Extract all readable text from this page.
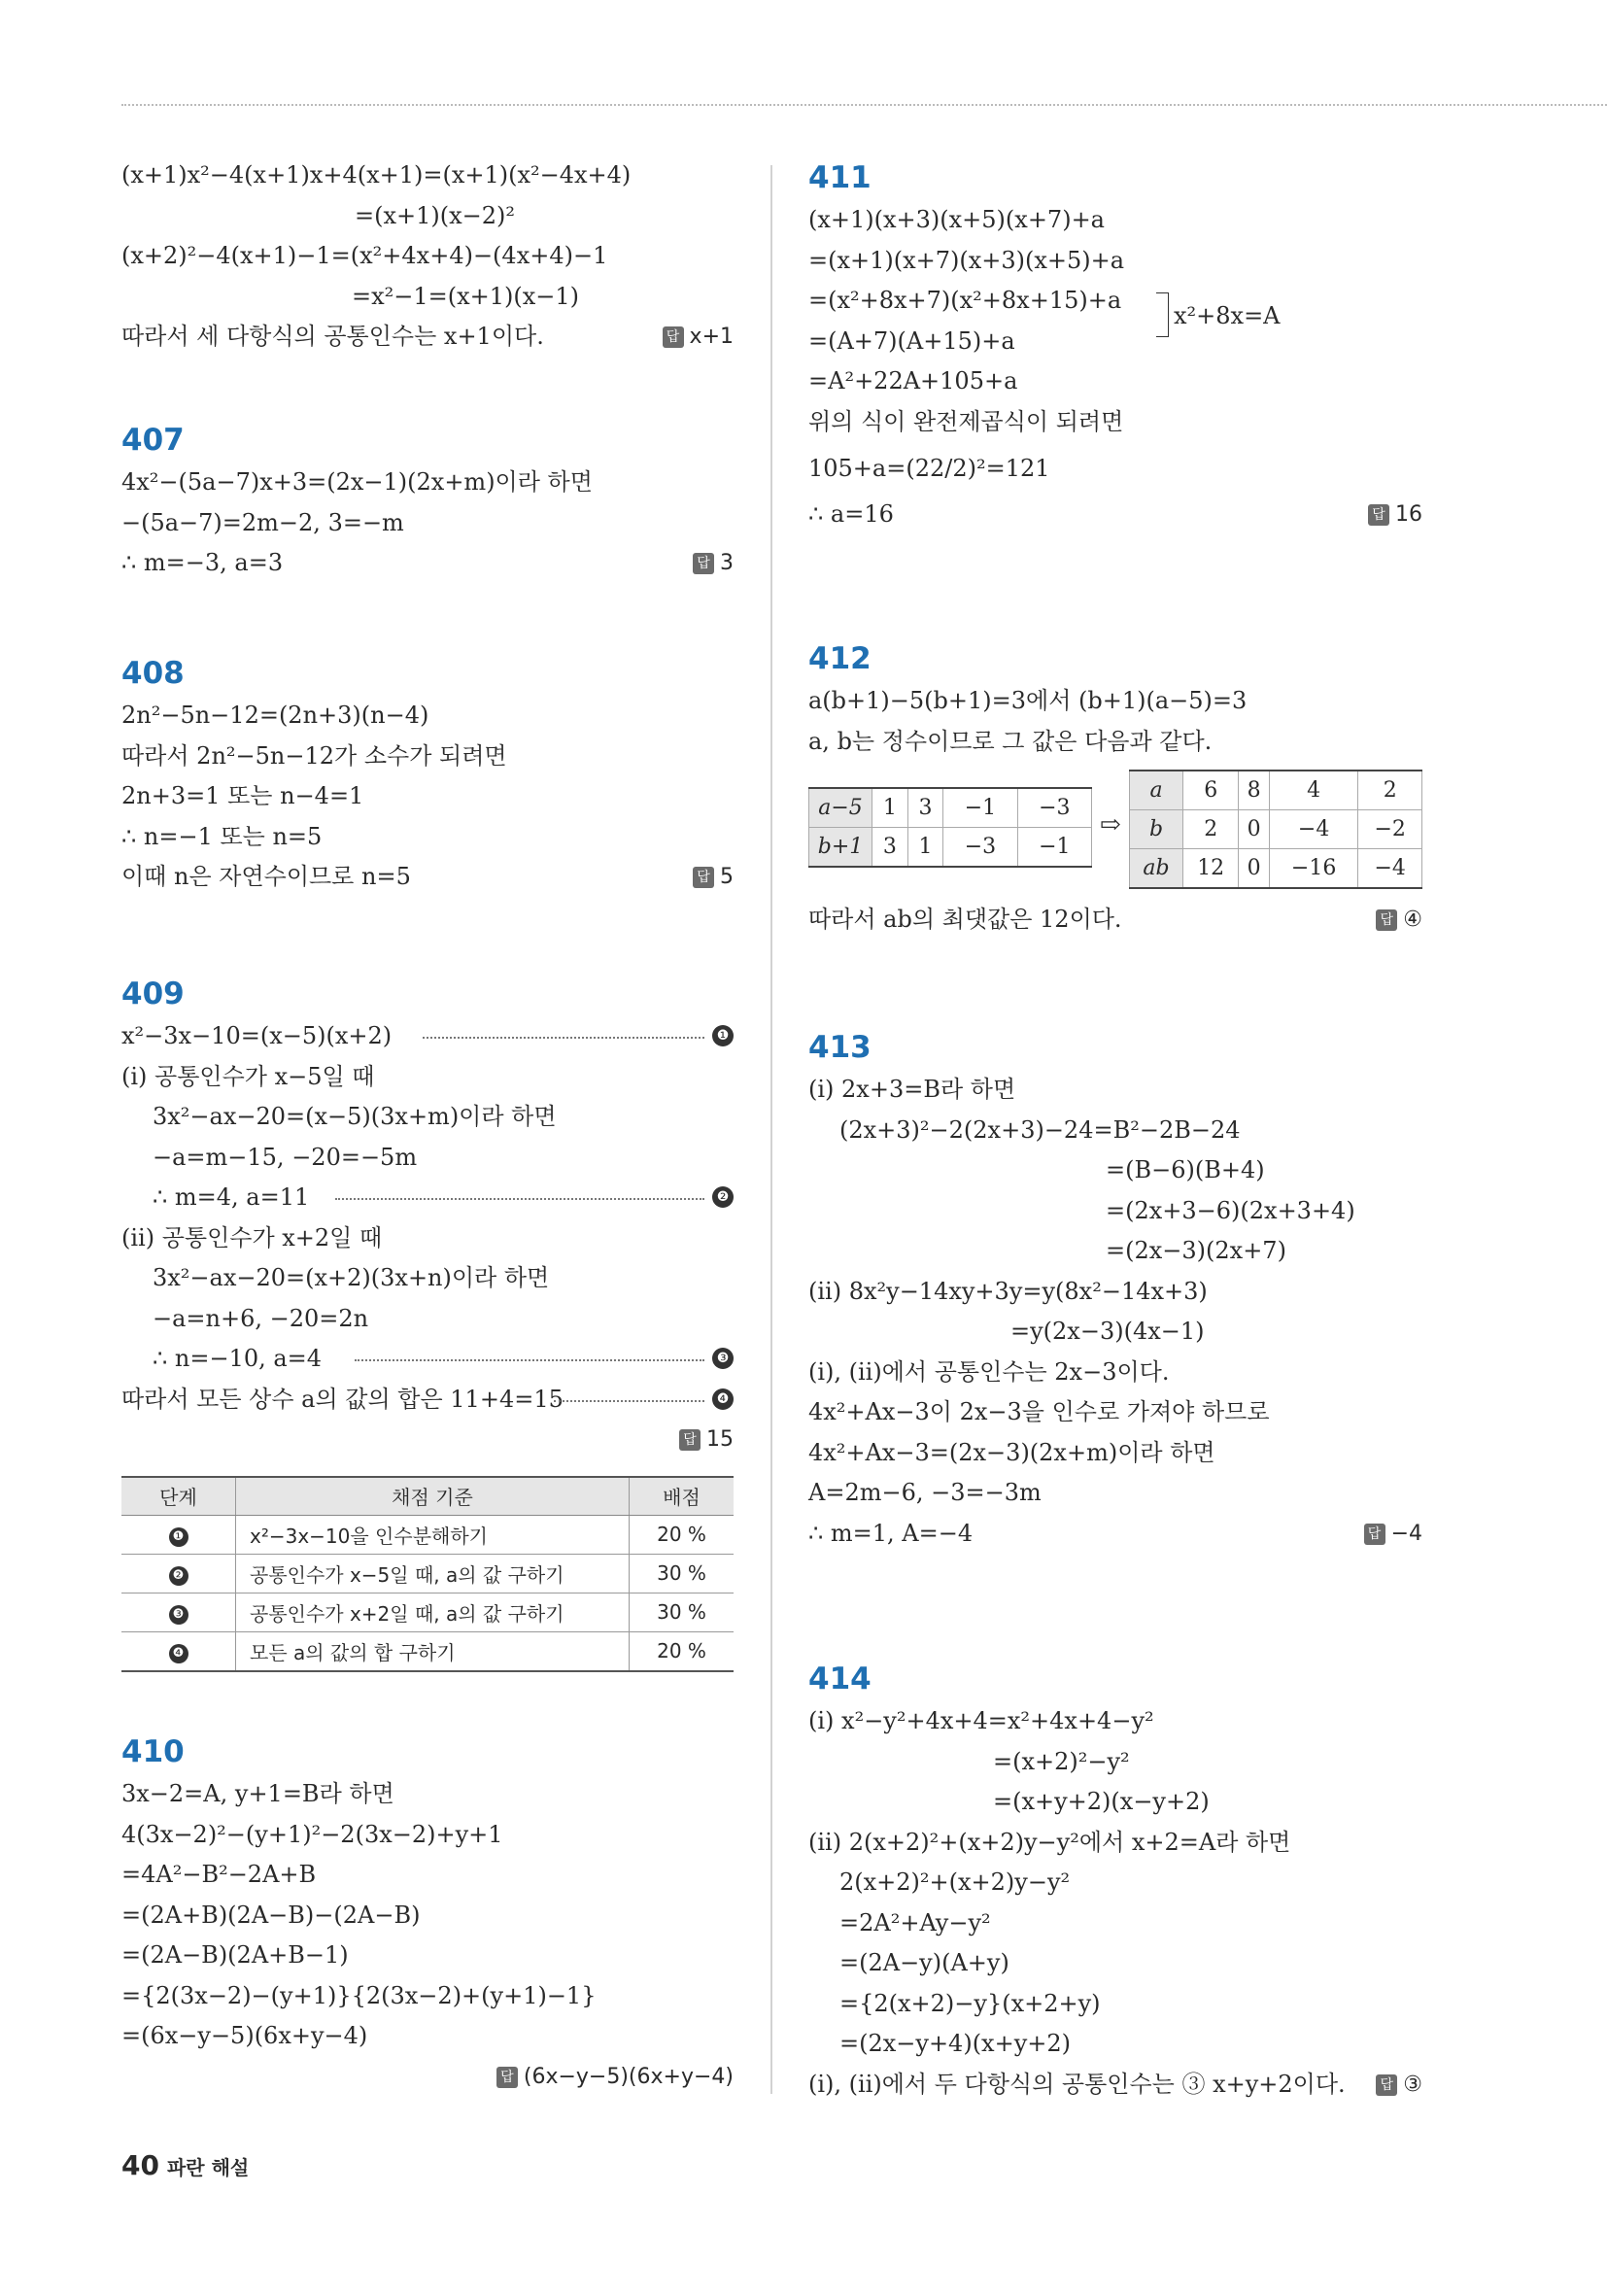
(x+1)x²−4(x+1)x+4(x+1)=(x+1)(x²−4x+4)
=(x+1)(x−2)²
(x+2)²−4(x+1)−1=(x²+4x+4)−(4x+4)−1
=x²−1=(x+1)(x−1)
따라서 세 다항식의 공통인수는 x+1이다.	답 x+1
407
4x²−(5a−7)x+3=(2x−1)(2x+m)이라 하면
−(5a−7)=2m−2, 3=−m
∴ m=−3, a=3	답 3
408
2n²−5n−12=(2n+3)(n−4)
따라서 2n²−5n−12가 소수가 되려면
2n+3=1 또는 n−4=1
∴ n=−1 또는 n=5
이때 n은 자연수이므로 n=5	답 5
409
x²−3x−10=(x−5)(x+2)	❶
(ⅰ) 공통인수가 x−5일 때
3x²−ax−20=(x−5)(3x+m)이라 하면
−a=m−15, −20=−5m
∴ m=4, a=11	❷
(ⅱ) 공통인수가 x+2일 때
3x²−ax−20=(x+2)(3x+n)이라 하면
−a=n+6, −20=2n
∴ n=−10, a=4	❸
따라서 모든 상수 a의 값의 합은 11+4=15	❹
답 15
단계	채점 기준	배점
❶	x²−3x−10을 인수분해하기	20 %
❷	공통인수가 x−5일 때, a의 값 구하기	30 %
❸	공통인수가 x+2일 때, a의 값 구하기	30 %
❹	모든 a의 값의 합 구하기	20 %
410
3x−2=A, y+1=B라 하면
4(3x−2)²−(y+1)²−2(3x−2)+y+1
=4A²−B²−2A+B
=(2A+B)(2A−B)−(2A−B)
=(2A−B)(2A+B−1)
={2(3x−2)−(y+1)}{2(3x−2)+(y+1)−1}
=(6x−y−5)(6x+y−4)
답 (6x−y−5)(6x+y−4)
411
(x+1)(x+3)(x+5)(x+7)+a
=(x+1)(x+7)(x+3)(x+5)+a
=(x²+8x+7)(x²+8x+15)+a
x²+8x=A
=(A+7)(A+15)+a
=A²+22A+105+a
위의 식이 완전제곱식이 되려면
105+a=(22/2)²=121
∴ a=16	답 16
412
a(b+1)−5(b+1)=3에서 (b+1)(a−5)=3
a, b는 정수이므로 그 값은 다음과 같다.
a−5	1	3	−1	−3
b+1	3	1	−3	−1
⇨
a	6	8	4	2
b	2	0	−4	−2
ab	12	0	−16	−4
따라서 ab의 최댓값은 12이다.	답 ④
413
(ⅰ) 2x+3=B라 하면
(2x+3)²−2(2x+3)−24=B²−2B−24
=(B−6)(B+4)
=(2x+3−6)(2x+3+4)
=(2x−3)(2x+7)
(ⅱ) 8x²y−14xy+3y=y(8x²−14x+3)
=y(2x−3)(4x−1)
(ⅰ), (ⅱ)에서 공통인수는 2x−3이다.
4x²+Ax−3이 2x−3을 인수로 가져야 하므로
4x²+Ax−3=(2x−3)(2x+m)이라 하면
A=2m−6, −3=−3m
∴ m=1, A=−4	답 −4
414
(ⅰ) x²−y²+4x+4=x²+4x+4−y²
=(x+2)²−y²
=(x+y+2)(x−y+2)
(ⅱ) 2(x+2)²+(x+2)y−y²에서 x+2=A라 하면
2(x+2)²+(x+2)y−y²
=2A²+Ay−y²
=(2A−y)(A+y)
={2(x+2)−y}(x+2+y)
=(2x−y+4)(x+y+2)
(ⅰ), (ⅱ)에서 두 다항식의 공통인수는 ③ x+y+2이다.	답 ③
40 파란 해설
